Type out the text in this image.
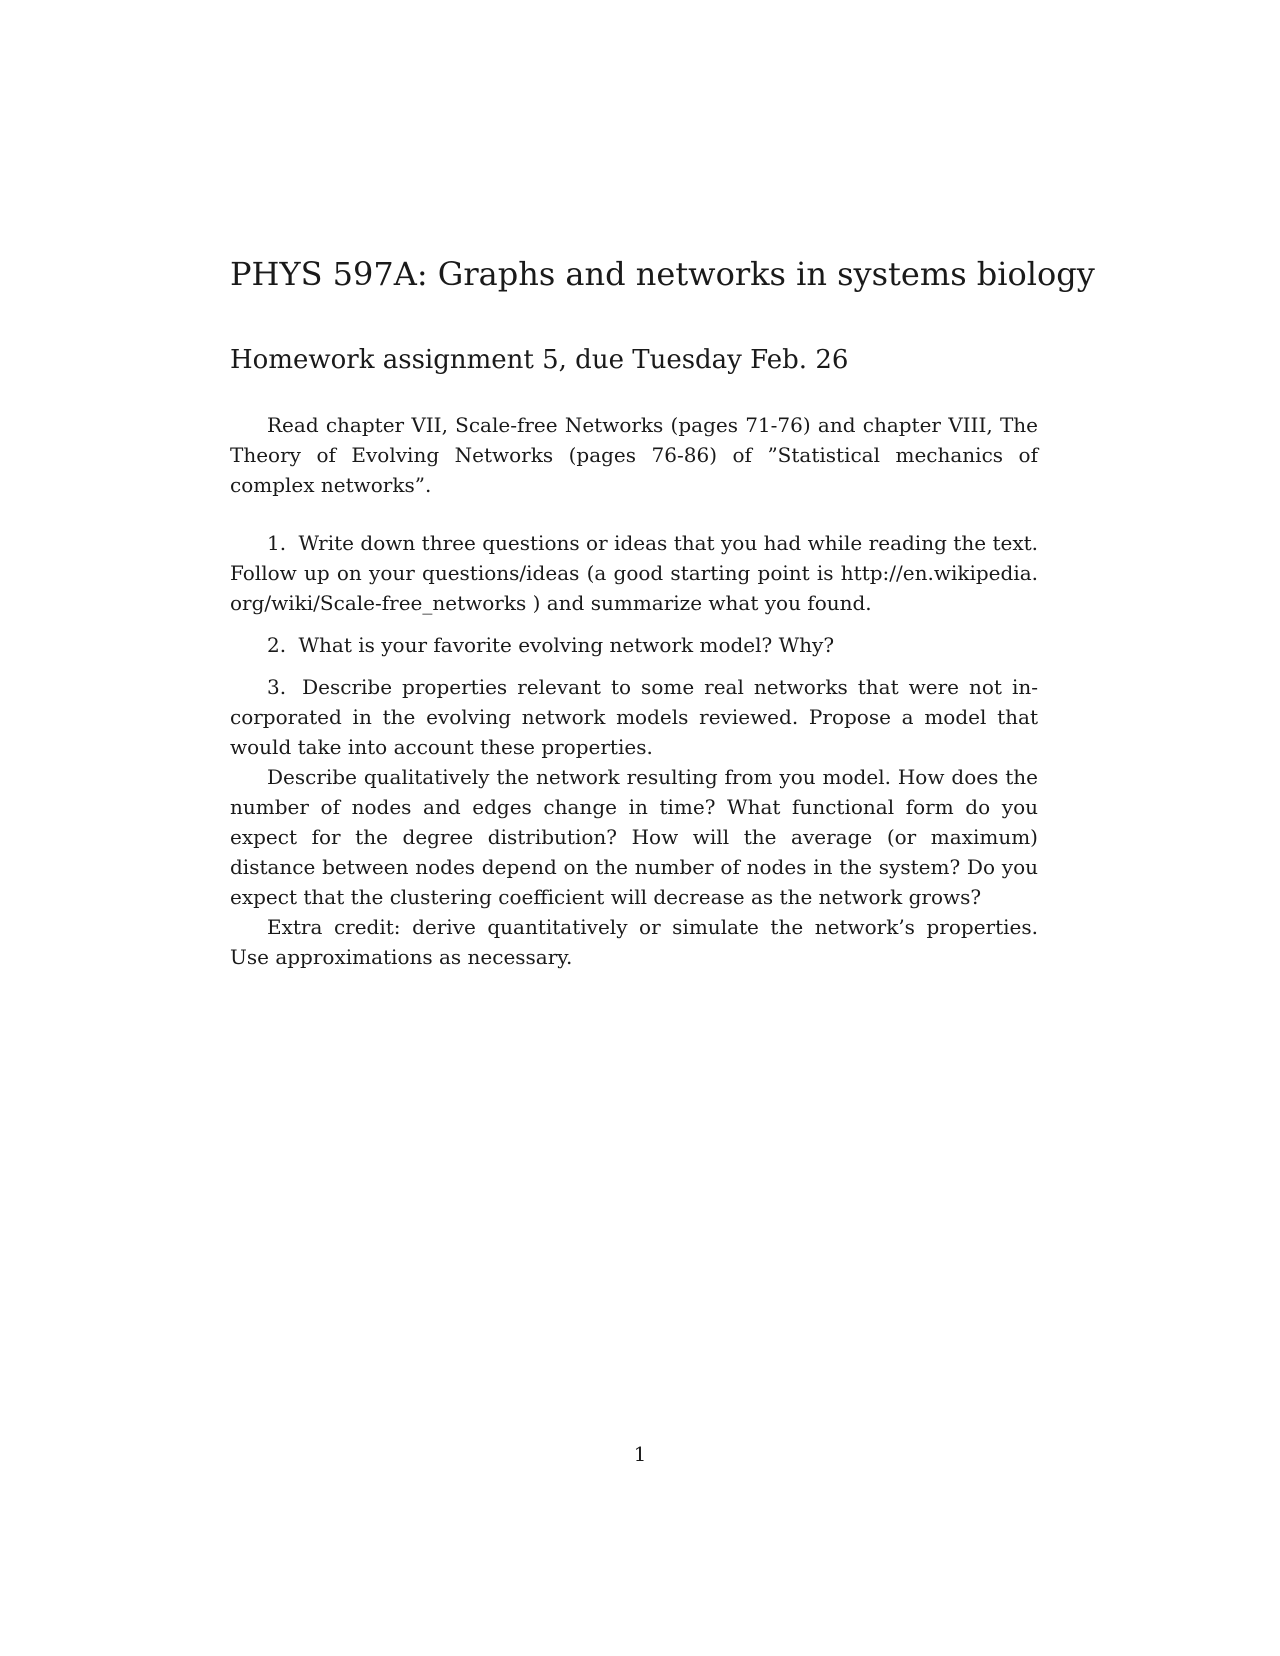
PHYS 597A: Graphs and networks in systems biology
Homework assignment 5, due Tuesday Feb. 26

Read chapter VII, Scale-free Networks (pages 71-76) and chapter VIII, The Theory of Evolving Networks (pages 76-86) of ”Statistical mechanics of complex networks”.

1. Write down three questions or ideas that you had while reading the text. Follow up on your questions/ideas (a good starting point is http://en.wikipedia.org/wiki/Scale-free_networks ) and summarize what you found.

2. What is your favorite evolving network model? Why?

3. Describe properties relevant to some real networks that were not incorporated in the evolving network models reviewed. Propose a model that would take into account these properties.

Describe qualitatively the network resulting from you model. How does the number of nodes and edges change in time? What functional form do you expect for the degree distribution? How will the average (or maximum) distance between nodes depend on the number of nodes in the system? Do you expect that the clustering coefficient will decrease as the network grows?

Extra credit: derive quantitatively or simulate the network’s properties. Use approximations as necessary.

1
